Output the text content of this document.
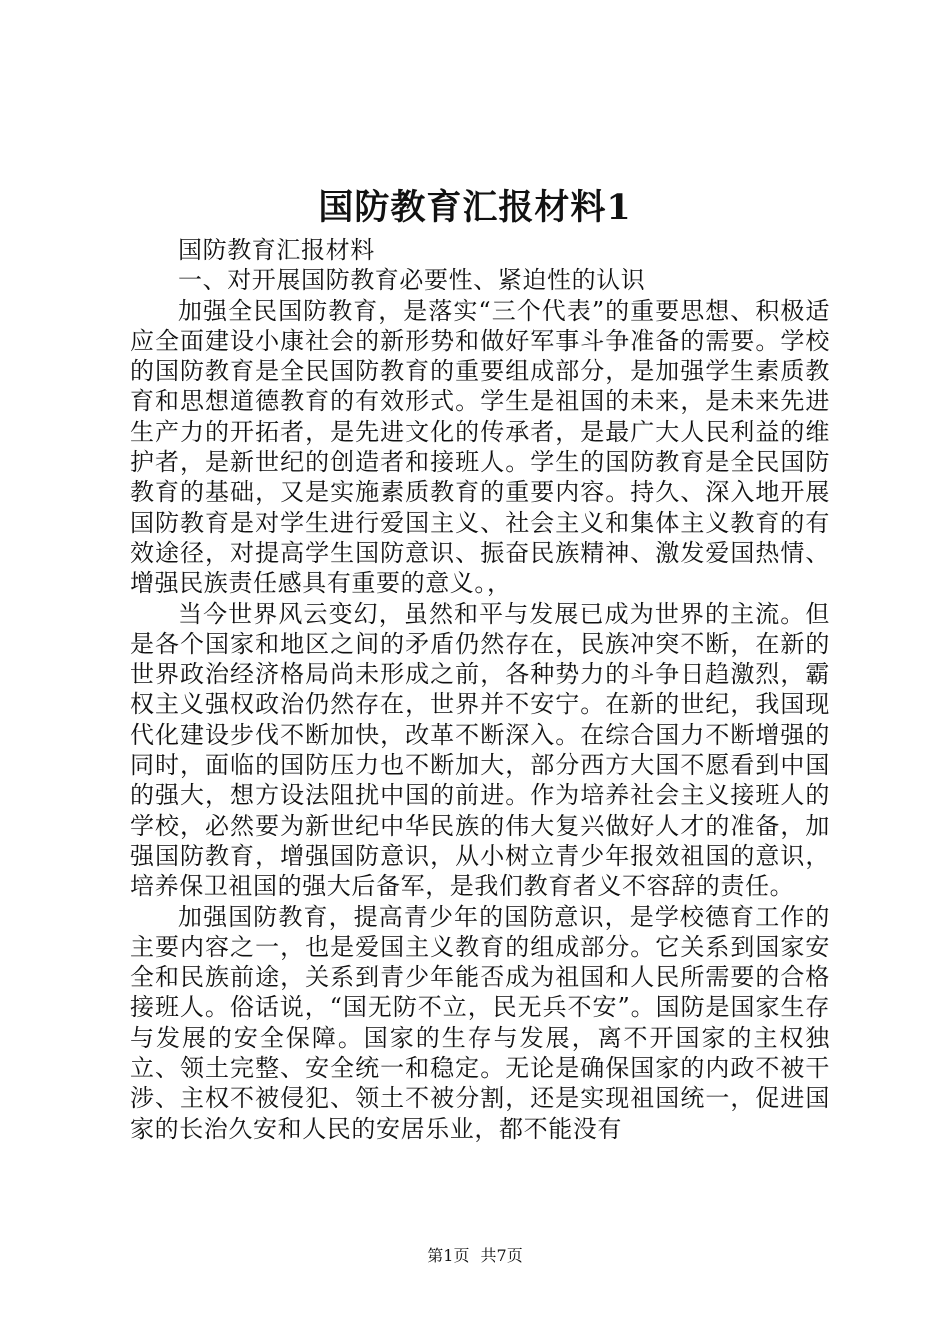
国防教育汇报材料1

国防教育汇报材料

一、对开展国防教育必要性、紧迫性的认识

加强全民国防教育，是落实“三个代表”的重要思想、积极适应全面建设小康社会的新形势和做好军事斗争准备的需要。学校的国防教育是全民国防教育的重要组成部分，是加强学生素质教育和思想道德教育的有效形式。学生是祖国的未来，是未来先进生产力的开拓者，是先进文化的传承者，是最广大人民利益的维护者，是新世纪的创造者和接班人。学生的国防教育是全民国防教育的基础，又是实施素质教育的重要内容。持久、深入地开展国防教育是对学生进行爱国主义、社会主义和集体主义教育的有效途径，对提高学生国防意识、振奋民族精神、激发爱国热情、增强民族责任感具有重要的意义。，

当今世界风云变幻，虽然和平与发展已成为世界的主流。但是各个国家和地区之间的矛盾仍然存在，民族冲突不断，在新的世界政治经济格局尚未形成之前，各种势力的斗争日趋激烈，霸权主义强权政治仍然存在，世界并不安宁。在新的世纪，我国现代化建设步伐不断加快，改革不断深入。在综合国力不断增强的同时，面临的国防压力也不断加大，部分西方大国不愿看到中国的强大，想方设法阻扰中国的前进。作为培养社会主义接班人的学校，必然要为新世纪中华民族的伟大复兴做好人才的准备，加强国防教育，增强国防意识，从小树立青少年报效祖国的意识，培养保卫祖国的强大后备军，是我们教育者义不容辞的责任。

加强国防教育，提高青少年的国防意识，是学校德育工作的主要内容之一，也是爱国主义教育的组成部分。它关系到国家安全和民族前途，关系到青少年能否成为祖国和人民所需要的合格接班人。俗话说，“国无防不立，民无兵不安”。国防是国家生存与发展的安全保障。国家的生存与发展，离不开国家的主权独立、领土完整、安全统一和稳定。无论是确保国家的内政不被干涉、主权不被侵犯、领土不被分割，还是实现祖国统一，促进国家的长治久安和人民的安居乐业，都不能没有

第1页 共7页
